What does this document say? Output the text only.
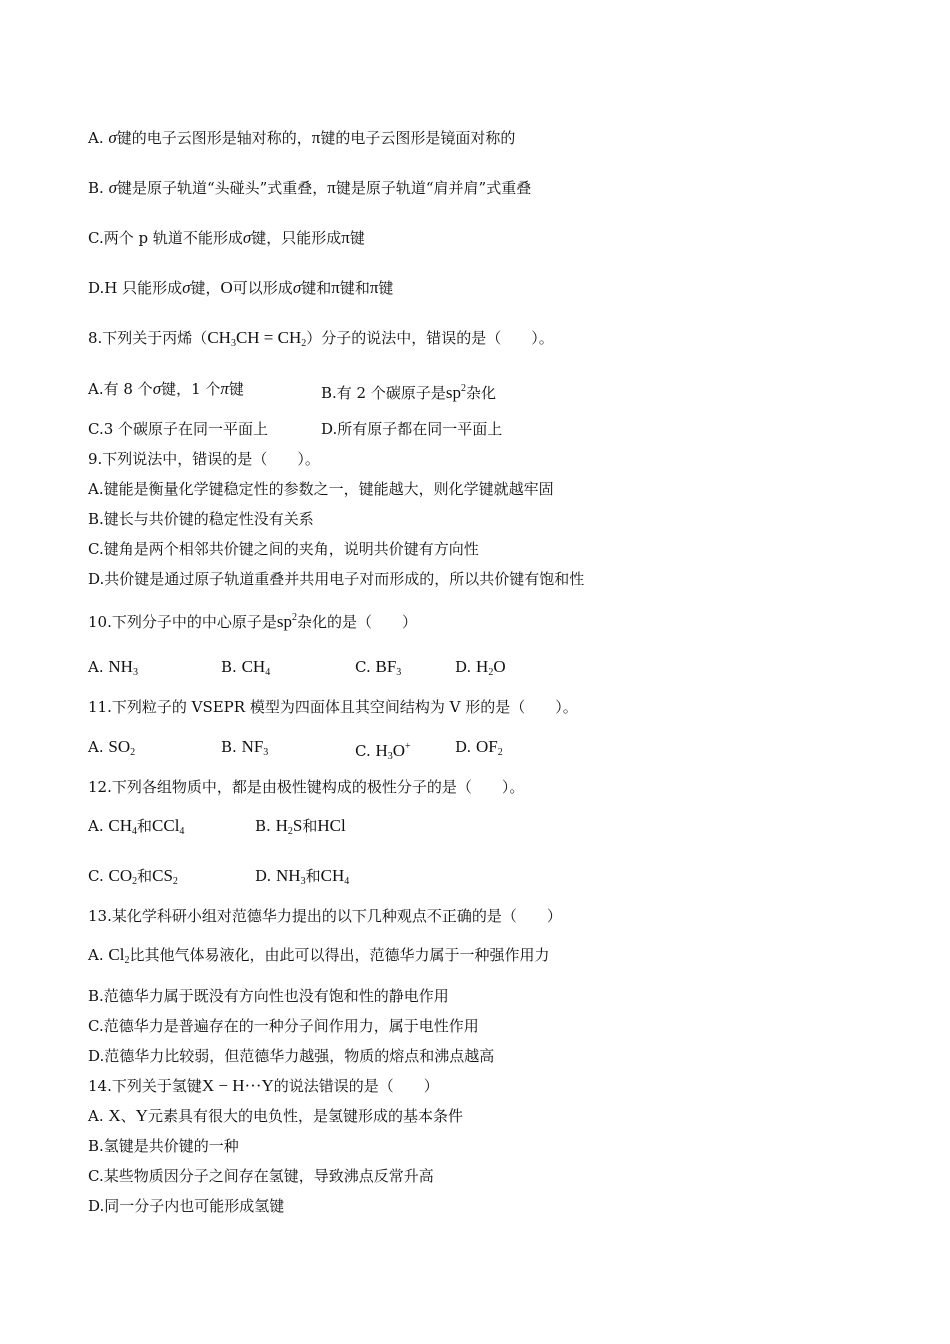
A. σ键的电子云图形是轴对称的，π键的电子云图形是镜面对称的
B. σ键是原子轨道“头碰头”式重叠，π键是原子轨道“肩并肩”式重叠
C.两个 p 轨道不能形成σ键，只能形成π键
D.H 只能形成σ键，O可以形成σ键和π键和π键
8.下列关于丙烯$(CH_3CH = CH_2)$分子的说法中，错误的是（　　）。
A.有 8 个σ键，1 个π键	B.有 2 个碳原子是$sp^2$杂化
C.3 个碳原子在同一平面上	D.所有原子都在同一平面上
9.下列说法中，错误的是（　　）。
A.键能是衡量化学键稳定性的参数之一，键能越大，则化学键就越牢固
B.键长与共价键的稳定性没有关系
C.键角是两个相邻共价键之间的夹角，说明共价键有方向性
D.共价键是通过原子轨道重叠并共用电子对而形成的，所以共价键有饱和性
10.下列分子中的中心原子是$sp^2$杂化的是（　　）
A. $NH_3$	B. $CH_4$	C. $BF_3$	D. $H_2O$
11.下列粒子的 VSEPR 模型为四面体且其空间结构为 V 形的是（　　）。
A. $SO_2$	B. $NF_3$	C. $H_3O^+$	D. $OF_2$
12.下列各组物质中，都是由极性键构成的极性分子的是（　　）。
A. $CH_4$和CCl$_4$	B. $H_2S$和HCl
C. $CO_2$和$CS_2$	D. $NH_3$和$CH_4$
13.某化学科研小组对范德华力提出的以下几种观点不正确的是（　　）
A. $Cl_2$比其他气体易液化，由此可以得出，范德华力属于一种强作用力
B.范德华力属于既没有方向性也没有饱和性的静电作用
C.范德华力是普遍存在的一种分子间作用力，属于电性作用
D.范德华力比较弱，但范德华力越强，物质的熔点和沸点越高
14.下列关于氢键X − H···Y的说法错误的是（　　）
A. X、Y元素具有很大的电负性，是氢键形成的基本条件
B.氢键是共价键的一种
C.某些物质因分子之间存在氢键，导致沸点反常升高
D.同一分子内也可能形成氢键
